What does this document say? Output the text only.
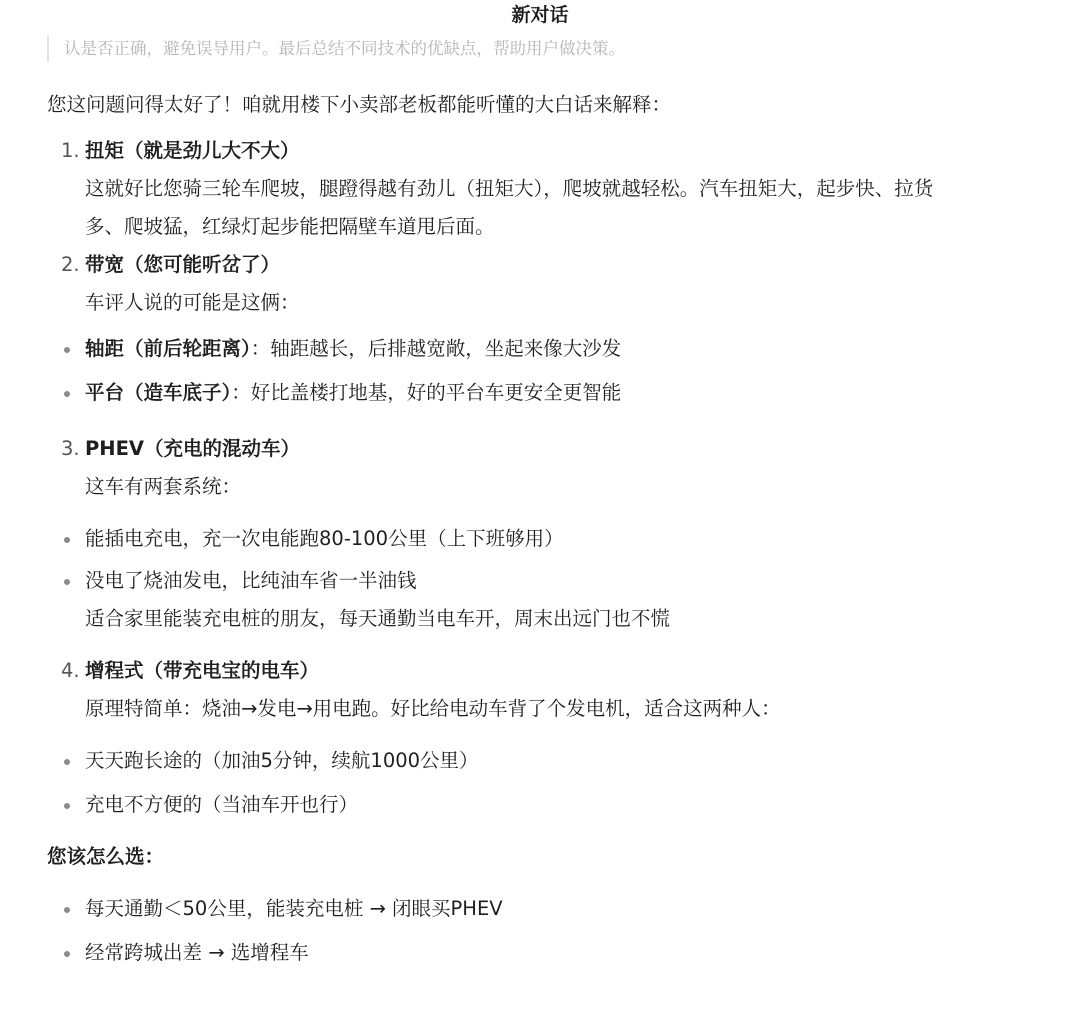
新对话
认是否正确，避免误导用户。最后总结不同技术的优缺点，帮助用户做决策。
您这问题问得太好了！咱就用楼下小卖部老板都能听懂的大白话来解释：
1. 扭矩（就是劲儿大不大）
这就好比您骑三轮车爬坡，腿蹬得越有劲儿（扭矩大），爬坡就越轻松。汽车扭矩大，起步快、拉货
多、爬坡猛，红绿灯起步能把隔壁车道甩后面。
2. 带宽（您可能听岔了）
车评人说的可能是这俩：
轴距（前后轮距离）：轴距越长，后排越宽敞，坐起来像大沙发
平台（造车底子）：好比盖楼打地基，好的平台车更安全更智能
3. PHEV（充电的混动车）
这车有两套系统：
能插电充电，充一次电能跑80-100公里（上下班够用）
没电了烧油发电，比纯油车省一半油钱
适合家里能装充电桩的朋友，每天通勤当电车开，周末出远门也不慌
4. 增程式（带充电宝的电车）
原理特简单：烧油→发电→用电跑。好比给电动车背了个发电机，适合这两种人：
天天跑长途的（加油5分钟，续航1000公里）
充电不方便的（当油车开也行）
您该怎么选：
每天通勤＜50公里，能装充电桩 → 闭眼买PHEV
经常跨城出差 → 选增程车
